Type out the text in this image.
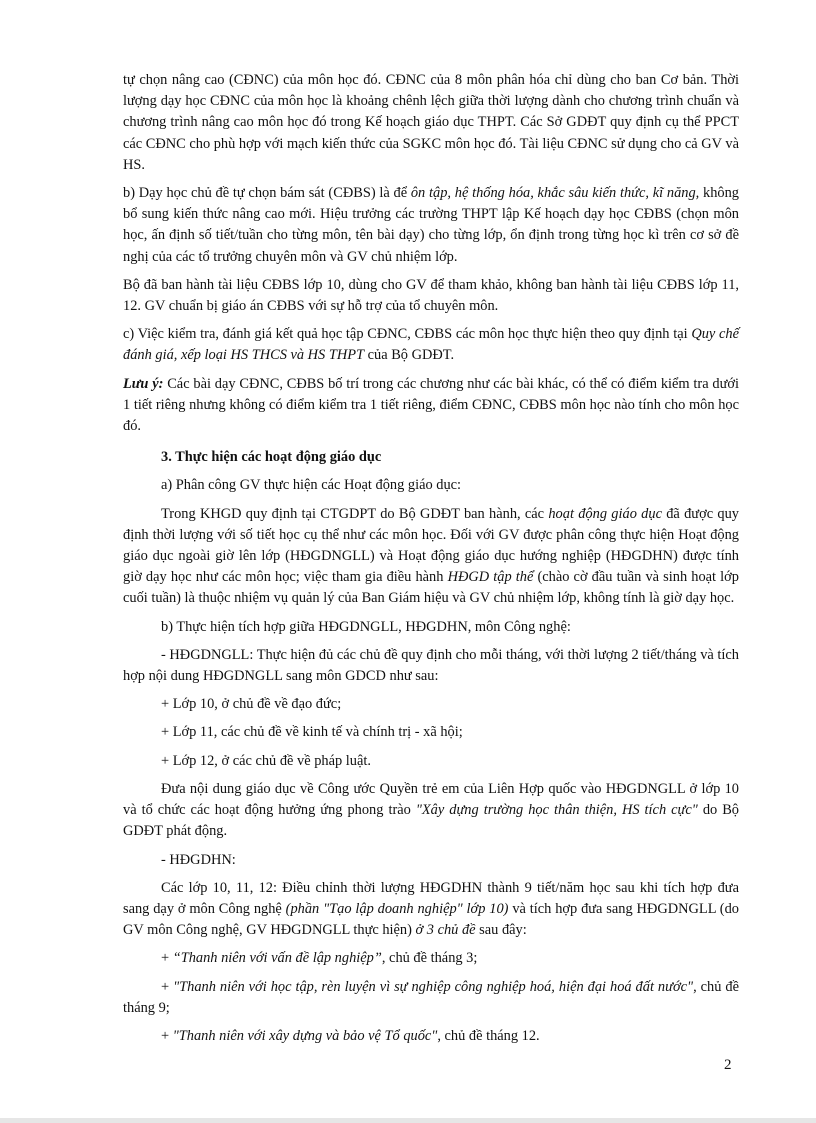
tự chọn nâng cao (CĐNC) của môn học đó. CĐNC của 8 môn phân hóa chỉ dùng cho ban Cơ bản. Thời lượng dạy học CĐNC của môn học là khoảng chênh lệch giữa thời lượng dành cho chương trình chuẩn và chương trình nâng cao môn học đó trong Kế hoạch giáo dục THPT. Các Sở GDĐT quy định cụ thể PPCT các CĐNC cho phù hợp với mạch kiến thức của SGKC môn học đó. Tài liệu CĐNC sử dụng cho cả GV và HS.

b) Dạy học chủ đề tự chọn bám sát (CĐBS) là để ôn tập, hệ thống hóa, khắc sâu kiến thức, kĩ năng, không bổ sung kiến thức nâng cao mới. Hiệu trưởng các trường THPT lập Kế hoạch dạy học CĐBS (chọn môn học, ấn định số tiết/tuần cho từng môn, tên bài dạy) cho từng lớp, ổn định trong từng học kì trên cơ sở đề nghị của các tổ trưởng chuyên môn và GV chủ nhiệm lớp.

Bộ đã ban hành tài liệu CĐBS lớp 10, dùng cho GV để tham khảo, không ban hành tài liệu CĐBS lớp 11, 12. GV chuẩn bị giáo án CĐBS với sự hỗ trợ của tổ chuyên môn.

c) Việc kiểm tra, đánh giá kết quả học tập CĐNC, CĐBS các môn học thực hiện theo quy định tại Quy chế đánh giá, xếp loại HS THCS và HS THPT của Bộ GDĐT.

Lưu ý: Các bài dạy CĐNC, CĐBS bố trí trong các chương như các bài khác, có thể có điểm kiểm tra dưới 1 tiết riêng nhưng không có điểm kiểm tra 1 tiết riêng, điểm CĐNC, CĐBS môn học nào tính cho môn học đó.

3. Thực hiện các hoạt động giáo dục

a) Phân công GV thực hiện các Hoạt động giáo dục:

Trong KHGD quy định tại CTGDPT do Bộ GDĐT ban hành, các hoạt động giáo dục đã được quy định thời lượng với số tiết học cụ thể như các môn học. Đối với GV được phân công thực hiện Hoạt động giáo dục ngoài giờ lên lớp (HĐGDNGLL) và Hoạt động giáo dục hướng nghiệp (HĐGDHN) được tính giờ dạy học như các môn học; việc tham gia điều hành HĐGD tập thể (chào cờ đầu tuần và sinh hoạt lớp cuối tuần) là thuộc nhiệm vụ quản lý của Ban Giám hiệu và GV chủ nhiệm lớp, không tính là giờ dạy học.

b) Thực hiện tích hợp giữa HĐGDNGLL, HĐGDHN, môn Công nghệ:

- HĐGDNGLL: Thực hiện đủ các chủ đề quy định cho mỗi tháng, với thời lượng 2 tiết/tháng và tích hợp nội dung HĐGDNGLL sang môn GDCD như sau:

+ Lớp 10, ở chủ đề về đạo đức;

+ Lớp 11, các chủ đề về kinh tế và chính trị - xã hội;

+ Lớp 12, ở các chủ đề về pháp luật.

Đưa nội dung giáo dục về Công ước Quyền trẻ em của Liên Hợp quốc vào HĐGDNGLL ở lớp 10 và tổ chức các hoạt động hưởng ứng phong trào "Xây dựng trường học thân thiện, HS tích cực" do Bộ GDĐT phát động.

- HĐGDHN:

Các lớp 10, 11, 12: Điều chỉnh thời lượng HĐGDHN thành 9 tiết/năm học sau khi tích hợp đưa sang dạy ở môn Công nghệ (phần "Tạo lập doanh nghiệp" lớp 10) và tích hợp đưa sang HĐGDNGLL (do GV môn Công nghệ, GV HĐGDNGLL thực hiện) ở 3 chủ đề sau đây:

+ “Thanh niên với vấn đề lập nghiệp”, chủ đề tháng 3;

+ "Thanh niên với học tập, rèn luyện vì sự nghiệp công nghiệp hoá, hiện đại hoá đất nước", chủ đề tháng 9;

+ "Thanh niên với xây dựng và bảo vệ Tổ quốc", chủ đề tháng 12.

2
